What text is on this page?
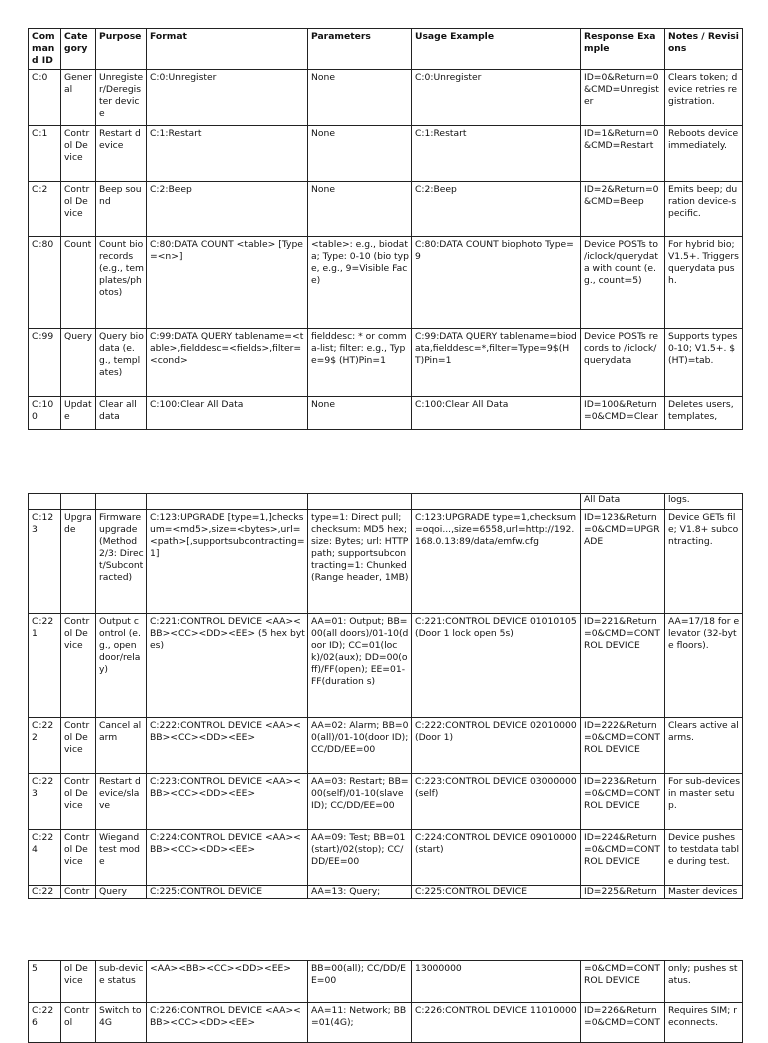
Command ID	Category	Purpose	Format	Parameters	Usage Example	Response Example	Notes / Revisions
C:0	General	Unregister/Deregister device	C:0:Unregister	None	C:0:Unregister	ID=0&Return=0&CMD=Unregister	Clears token; device retries registration.
C:1	Control Device	Restart device	C:1:Restart	None	C:1:Restart	ID=1&Return=0&CMD=Restart	Reboots device immediately.
C:2	Control Device	Beep sound	C:2:Beep	None	C:2:Beep	ID=2&Return=0&CMD=Beep	Emits beep; duration device-specific.
C:80	Count	Count bio records (e.g., templates/photos)	C:80:DATA COUNT <table> [Type=<n>]	<table>: e.g., biodata; Type: 0-10 (bio type, e.g., 9=Visible Face)	C:80:DATA COUNT biophoto Type=9	Device POSTs to /iclock/querydata with count (e.g., count=5)	For hybrid bio; V1.5+. Triggers querydata push.
C:99	Query	Query bio data (e.g., templates)	C:99:DATA QUERY tablename=<table>,fielddesc=<fields>,filter=<cond>	fielddesc: * or comma-list; filter: e.g., Type=9$ (HT)Pin=1	C:99:DATA QUERY tablename=biodata,fielddesc=*,filter=Type=9$(HT)Pin=1	Device POSTs records to /iclock/querydata	Supports types 0-10; V1.5+. $ (HT)=tab.
C:100	Update	Clear all data	C:100:Clear All Data	None	C:100:Clear All Data	ID=100&Return=0&CMD=Clear	Deletes users, templates,
						All Data	logs.
C:123	Upgrade	Firmware upgrade (Method 2/3: Direct/Subcontracted)	C:123:UPGRADE [type=1,]checksum=<md5>,size=<bytes>,url=<path>[,supportsubcontracting=1]	type=1: Direct pull; checksum: MD5 hex; size: Bytes; url: HTTP path; supportsubcontracting=1: Chunked (Range header, 1MB)	C:123:UPGRADE type=1,checksum=oqoi...,size=6558,url=http://192.168.0.13:89/data/emfw.cfg	ID=123&Return=0&CMD=UPGRADE	Device GETs file; V1.8+ subcontracting.
C:221	Control Device	Output control (e.g., open door/relay)	C:221:CONTROL DEVICE <AA><BB><CC><DD><EE> (5 hex bytes)	AA=01: Output; BB=00(all doors)/01-10(door ID); CC=01(lock)/02(aux); DD=00(off)/FF(open); EE=01-FF(duration s)	C:221:CONTROL DEVICE 01010105 (Door 1 lock open 5s)	ID=221&Return=0&CMD=CONTROL DEVICE	AA=17/18 for elevator (32-byte floors).
C:222	Control Device	Cancel alarm	C:222:CONTROL DEVICE <AA><BB><CC><DD><EE>	AA=02: Alarm; BB=00(all)/01-10(door ID); CC/DD/EE=00	C:222:CONTROL DEVICE 02010000 (Door 1)	ID=222&Return=0&CMD=CONTROL DEVICE	Clears active alarms.
C:223	Control Device	Restart device/slave	C:223:CONTROL DEVICE <AA><BB><CC><DD><EE>	AA=03: Restart; BB=00(self)/01-10(slave ID); CC/DD/EE=00	C:223:CONTROL DEVICE 03000000 (self)	ID=223&Return=0&CMD=CONTROL DEVICE	For sub-devices in master setup.
C:224	Control Device	Wiegand test mode	C:224:CONTROL DEVICE <AA><BB><CC><DD><EE>	AA=09: Test; BB=01(start)/02(stop); CC/DD/EE=00	C:224:CONTROL DEVICE 09010000 (start)	ID=224&Return=0&CMD=CONTROL DEVICE	Device pushes to testdata table during test.
C:22	Contr	Query	C:225:CONTROL DEVICE	AA=13: Query;	C:225:CONTROL DEVICE	ID=225&Return	Master devices
5	ol Device	sub-device status	<AA><BB><CC><DD><EE>	BB=00(all); CC/DD/EE=00	13000000	=0&CMD=CONTROL DEVICE	only; pushes status.
C:226	Control	Switch to 4G	C:226:CONTROL DEVICE <AA><BB><CC><DD><EE>	AA=11: Network; BB=01(4G);	C:226:CONTROL DEVICE 11010000	ID=226&Return=0&CMD=CONT	Requires SIM; reconnects.
